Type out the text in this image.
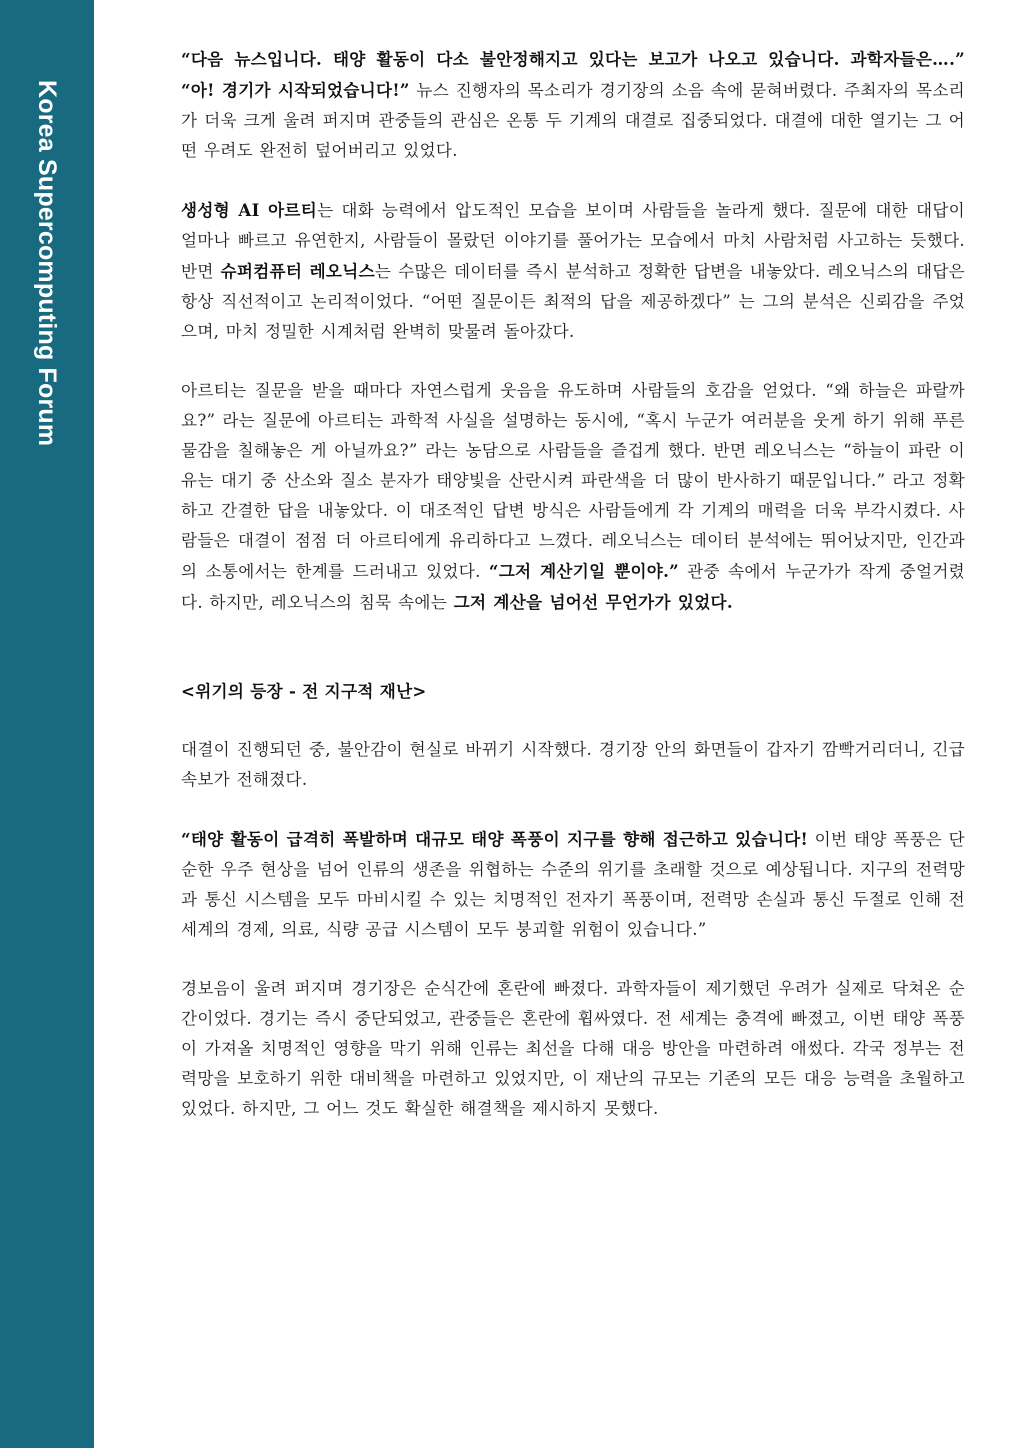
Korea Supercomputing Forum

“다음 뉴스입니다. 태양 활동이 다소 불안정해지고 있다는 보고가 나오고 있습니다. 과학자들은….” “아! 경기가 시작되었습니다!” 뉴스 진행자의 목소리가 경기장의 소음 속에 묻혀버렸다. 주최자의 목소리가 더욱 크게 울려 퍼지며 관중들의 관심은 온통 두 기계의 대결로 집중되었다. 대결에 대한 열기는 그 어떤 우려도 완전히 덮어버리고 있었다.

생성형 AI 아르티는 대화 능력에서 압도적인 모습을 보이며 사람들을 놀라게 했다. 질문에 대한 대답이 얼마나 빠르고 유연한지, 사람들이 몰랐던 이야기를 풀어가는 모습에서 마치 사람처럼 사고하는 듯했다. 반면 슈퍼컴퓨터 레오닉스는 수많은 데이터를 즉시 분석하고 정확한 답변을 내놓았다. 레오닉스의 대답은 항상 직선적이고 논리적이었다. “어떤 질문이든 최적의 답을 제공하겠다” 는 그의 분석은 신뢰감을 주었으며, 마치 정밀한 시계처럼 완벽히 맞물려 돌아갔다.

아르티는 질문을 받을 때마다 자연스럽게 웃음을 유도하며 사람들의 호감을 얻었다. “왜 하늘은 파랄까요?” 라는 질문에 아르티는 과학적 사실을 설명하는 동시에, “혹시 누군가 여러분을 웃게 하기 위해 푸른 물감을 칠해놓은 게 아닐까요?” 라는 농담으로 사람들을 즐겁게 했다. 반면 레오닉스는 “하늘이 파란 이유는 대기 중 산소와 질소 분자가 태양빛을 산란시켜 파란색을 더 많이 반사하기 때문입니다.” 라고 정확하고 간결한 답을 내놓았다. 이 대조적인 답변 방식은 사람들에게 각 기계의 매력을 더욱 부각시켰다. 사람들은 대결이 점점 더 아르티에게 유리하다고 느꼈다. 레오닉스는 데이터 분석에는 뛰어났지만, 인간과의 소통에서는 한계를 드러내고 있었다. “그저 계산기일 뿐이야.” 관중 속에서 누군가가 작게 중얼거렸다. 하지만, 레오닉스의 침묵 속에는 그저 계산을 넘어선 무언가가 있었다.

<위기의 등장 - 전 지구적 재난>

대결이 진행되던 중, 불안감이 현실로 바뀌기 시작했다. 경기장 안의 화면들이 갑자기 깜빡거리더니, 긴급 속보가 전해졌다.

“태양 활동이 급격히 폭발하며 대규모 태양 폭풍이 지구를 향해 접근하고 있습니다! 이번 태양 폭풍은 단순한 우주 현상을 넘어 인류의 생존을 위협하는 수준의 위기를 초래할 것으로 예상됩니다. 지구의 전력망과 통신 시스템을 모두 마비시킬 수 있는 치명적인 전자기 폭풍이며, 전력망 손실과 통신 두절로 인해 전 세계의 경제, 의료, 식량 공급 시스템이 모두 붕괴할 위험이 있습니다.”

경보음이 울려 퍼지며 경기장은 순식간에 혼란에 빠졌다. 과학자들이 제기했던 우려가 실제로 닥쳐온 순간이었다. 경기는 즉시 중단되었고, 관중들은 혼란에 휩싸였다. 전 세계는 충격에 빠졌고, 이번 태양 폭풍이 가져올 치명적인 영향을 막기 위해 인류는 최선을 다해 대응 방안을 마련하려 애썼다. 각국 정부는 전력망을 보호하기 위한 대비책을 마련하고 있었지만, 이 재난의 규모는 기존의 모든 대응 능력을 초월하고 있었다. 하지만, 그 어느 것도 확실한 해결책을 제시하지 못했다.
